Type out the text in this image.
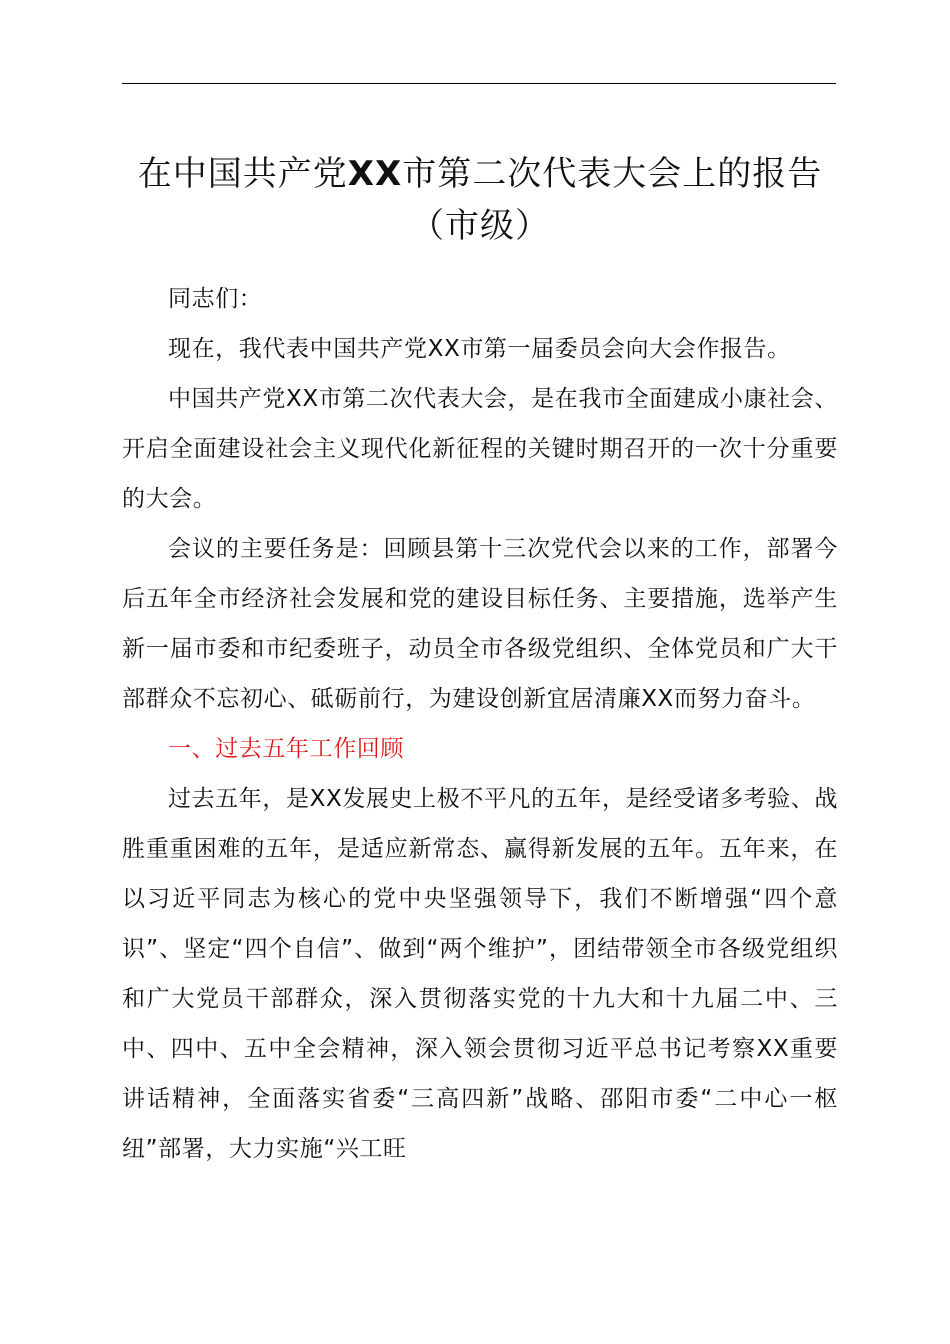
在中国共产党XX市第二次代表大会上的报告
（市级）

同志们：

现在，我代表中国共产党XX市第一届委员会向大会作报告。

中国共产党XX市第二次代表大会，是在我市全面建成小康社会、开启全面建设社会主义现代化新征程的关键时期召开的一次十分重要的大会。

会议的主要任务是：回顾县第十三次党代会以来的工作，部署今后五年全市经济社会发展和党的建设目标任务、主要措施，选举产生新一届市委和市纪委班子，动员全市各级党组织、全体党员和广大干部群众不忘初心、砥砺前行，为建设创新宜居清廉XX而努力奋斗。

一、过去五年工作回顾

过去五年，是XX发展史上极不平凡的五年，是经受诸多考验、战胜重重困难的五年，是适应新常态、赢得新发展的五年。五年来，在以习近平同志为核心的党中央坚强领导下，我们不断增强“四个意识”、坚定“四个自信”、做到“两个维护”，团结带领全市各级党组织和广大党员干部群众，深入贯彻落实党的十九大和十九届二中、三中、四中、五中全会精神，深入领会贯彻习近平总书记考察XX重要讲话精神，全面落实省委“三高四新”战略、邵阳市委“二中心一枢纽”部署，大力实施“兴工旺
